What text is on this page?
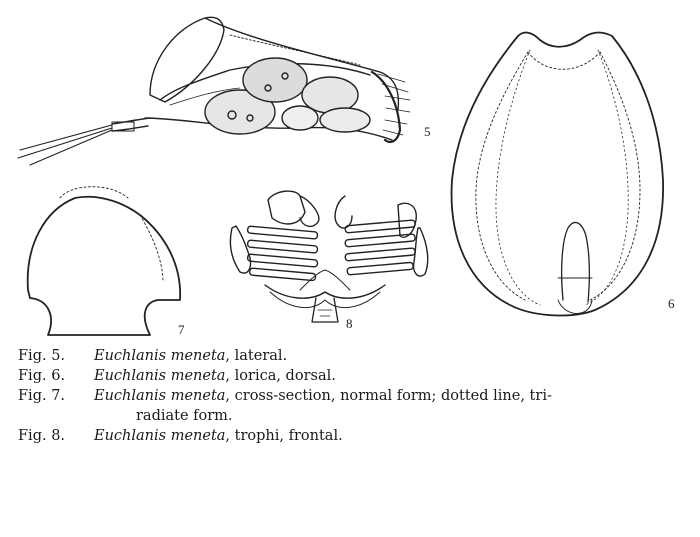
5
6
7	8
Fig. 5.	Euchlanis meneta, lateral.
Fig. 6.	Euchlanis meneta, lorica, dorsal.
Fig. 7.	Euchlanis meneta, cross-section, normal form; dotted line, tri-
radiate form.
Fig. 8.	Euchlanis meneta, trophi, frontal.
